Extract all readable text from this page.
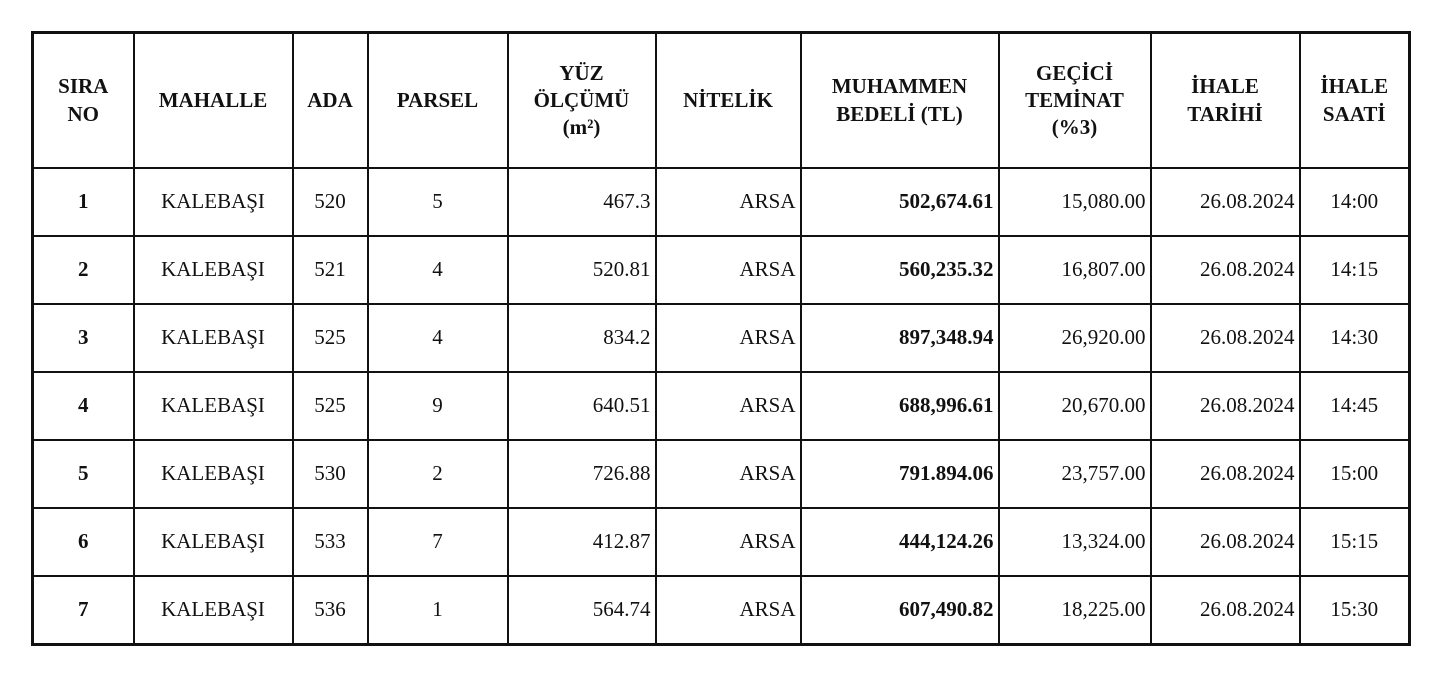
SIRA
NO	MAHALLE	ADA	PARSEL	YÜZ
ÖLÇÜMÜ
(m²)	NİTELİK	MUHAMMEN
BEDELİ (TL)	GEÇİCİ
TEMİNAT
(%3)	İHALE
TARİHİ	İHALE
SAATİ
1	KALEBAŞI	520	5	467.3	ARSA	502,674.61	15,080.00	26.08.2024	14:00
2	KALEBAŞI	521	4	520.81	ARSA	560,235.32	16,807.00	26.08.2024	14:15
3	KALEBAŞI	525	4	834.2	ARSA	897,348.94	26,920.00	26.08.2024	14:30
4	KALEBAŞI	525	9	640.51	ARSA	688,996.61	20,670.00	26.08.2024	14:45
5	KALEBAŞI	530	2	726.88	ARSA	791.894.06	23,757.00	26.08.2024	15:00
6	KALEBAŞI	533	7	412.87	ARSA	444,124.26	13,324.00	26.08.2024	15:15
7	KALEBAŞI	536	1	564.74	ARSA	607,490.82	18,225.00	26.08.2024	15:30
